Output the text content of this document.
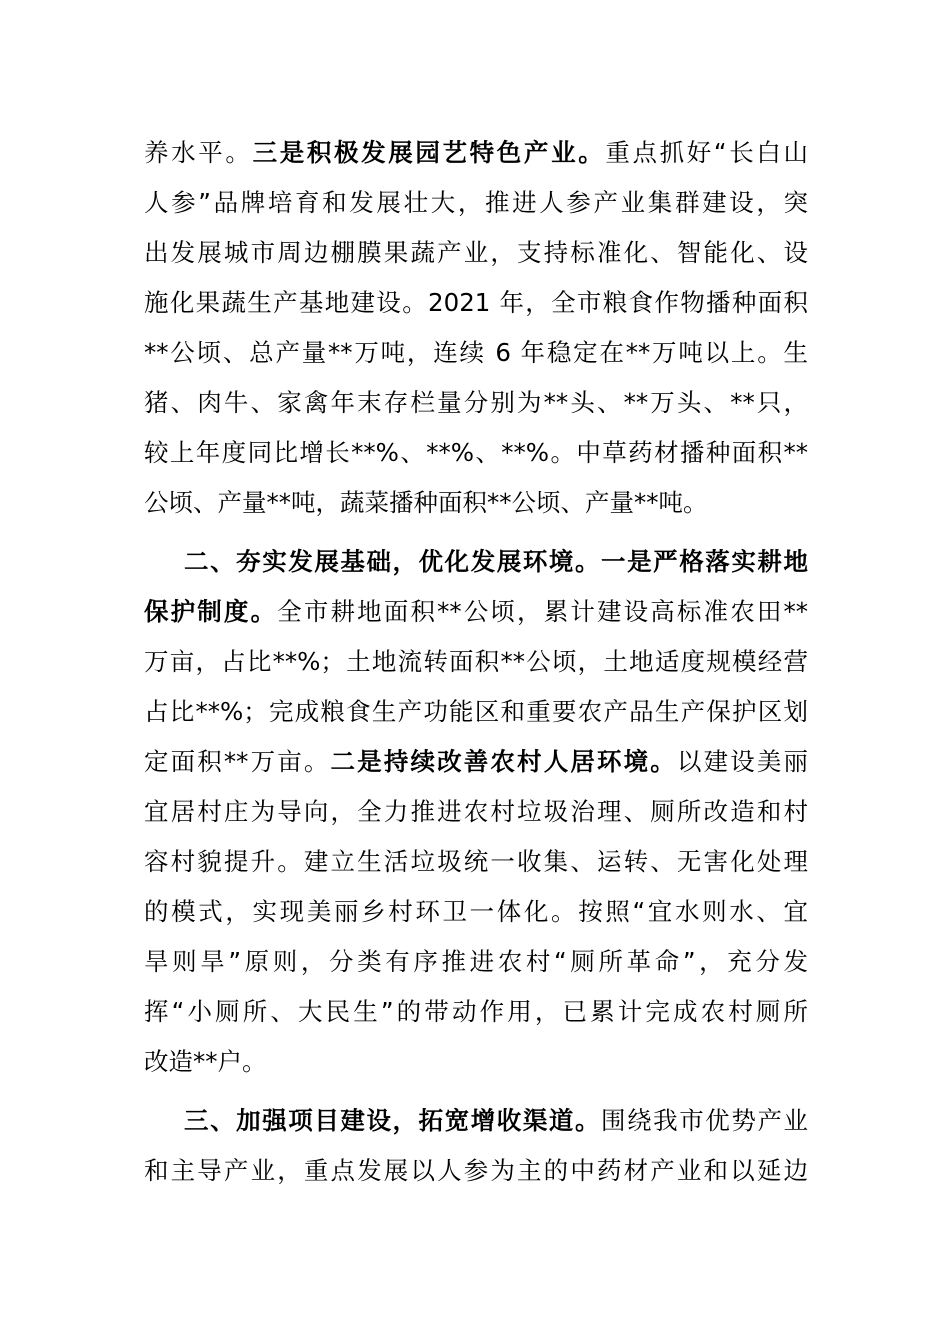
养水平。三是积极发展园艺特色产业。重点抓好“长白山
人参”品牌培育和发展壮大，推进人参产业集群建设，突
出发展城市周边棚膜果蔬产业，支持标准化、智能化、设
施化果蔬生产基地建设。2021 年，全市粮食作物播种面积
**公顷、总产量**万吨，连续 6 年稳定在**万吨以上。生
猪、肉牛、家禽年末存栏量分别为**头、**万头、**只，
较上年度同比增长**%、**%、**%。中草药材播种面积**
公顷、产量**吨，蔬菜播种面积**公顷、产量**吨。
二、夯实发展基础，优化发展环境。一是严格落实耕地
保护制度。全市耕地面积**公顷，累计建设高标准农田**
万亩，占比**%；土地流转面积**公顷，土地适度规模经营
占比**%；完成粮食生产功能区和重要农产品生产保护区划
定面积**万亩。二是持续改善农村人居环境。以建设美丽
宜居村庄为导向，全力推进农村垃圾治理、厕所改造和村
容村貌提升。建立生活垃圾统一收集、运转、无害化处理
的模式，实现美丽乡村环卫一体化。按照“宜水则水、宜
旱则旱”原则，分类有序推进农村“厕所革命”，充分发
挥“小厕所、大民生”的带动作用，已累计完成农村厕所
改造**户。
三、加强项目建设，拓宽增收渠道。围绕我市优势产业
和主导产业，重点发展以人参为主的中药材产业和以延边
